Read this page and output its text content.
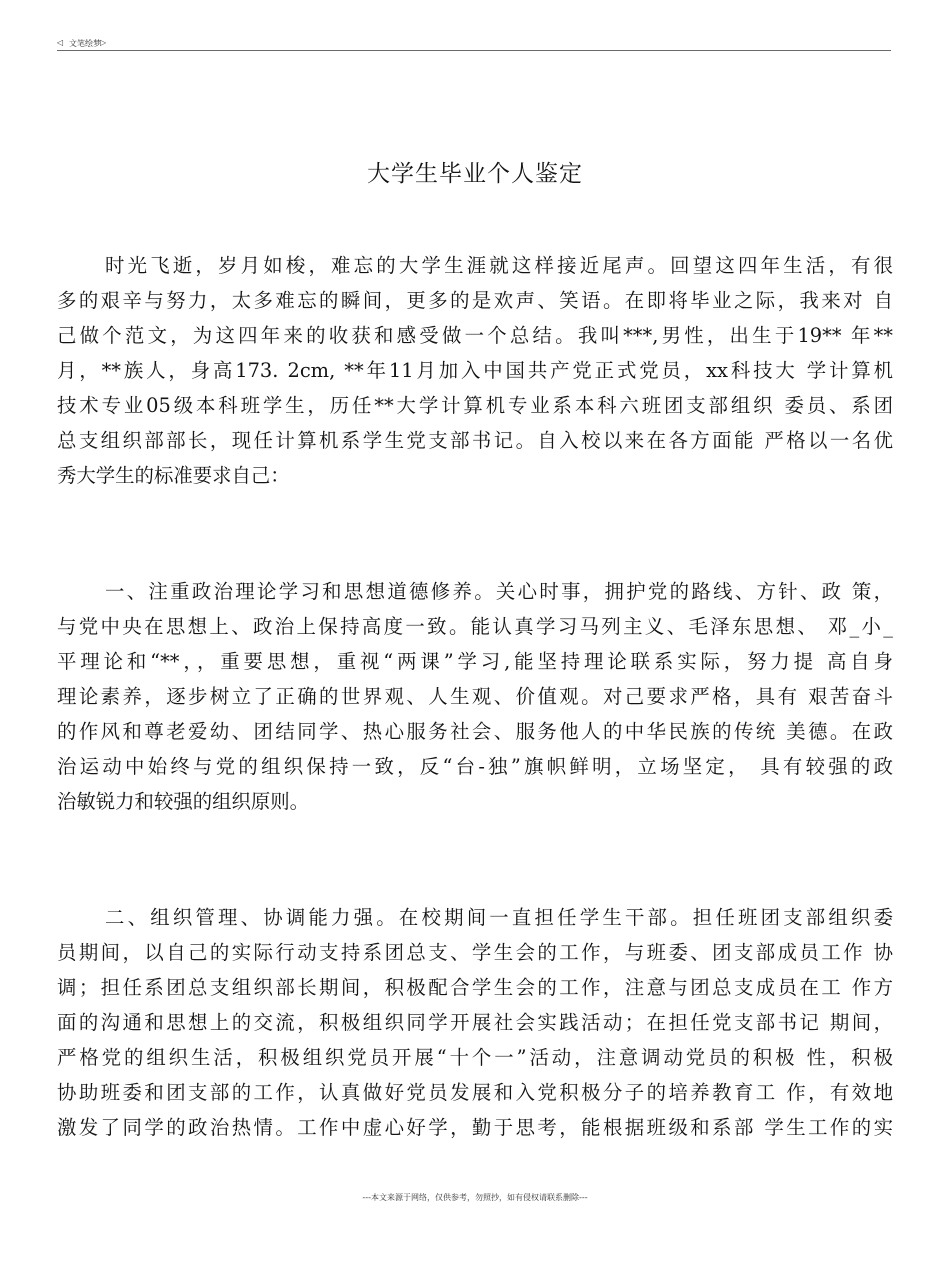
◁ 文笔绘梦 ▷
大学生毕业个人鉴定
时光飞逝，岁月如梭，难忘的大学生涯就这样接近尾声。回望这四年生活，有很
多的艰辛与努力，太多难忘的瞬间，更多的是欢声、笑语。在即将毕业之际，我来对 自
己做个范文，为这四年来的收获和感受做一个总结。我叫***,男性，出生于19** 年**
月，**族人，身高173. 2cm, **年11月加入中国共产党正式党员，xx科技大 学计算机
技术专业05级本科班学生，历任**大学计算机专业系本科六班团支部组织 委员、系团
总支组织部部长，现任计算机系学生党支部书记。自入校以来在各方面能 严格以一名优
秀大学生的标准要求自己：
一、注重政治理论学习和思想道德修养。关心时事，拥护党的路线、方针、政 策，
与党中央在思想上、政治上保持高度一致。能认真学习马列主义、毛泽东思想、 邓_小_
平理论和“**，，重要思想，重视“两课”学习,能坚持理论联系实际，努力提 高自身
理论素养，逐步树立了正确的世界观、人生观、价值观。对己要求严格，具有 艰苦奋斗
的作风和尊老爱幼、团结同学、热心服务社会、服务他人的中华民族的传统 美德。在政
治运动中始终与党的组织保持一致，反“台-独”旗帜鲜明，立场坚定， 具有较强的政
治敏锐力和较强的组织原则。
二、组织管理、协调能力强。在校期间一直担任学生干部。担任班团支部组织委
员期间，以自己的实际行动支持系团总支、学生会的工作，与班委、团支部成员工作 协
调；担任系团总支组织部长期间，积极配合学生会的工作，注意与团总支成员在工 作方
面的沟通和思想上的交流，积极组织同学开展社会实践活动；在担任党支部书记 期间，
严格党的组织生活，积极组织党员开展“十个一”活动，注意调动党员的积极 性，积极
协助班委和团支部的工作，认真做好党员发展和入党积极分子的培养教育工 作，有效地
激发了同学的政治热情。工作中虚心好学，勤于思考，能根据班级和系部 学生工作的实
---本文来源于网络，仅供参考，勿照抄，如有侵权请联系删除---
